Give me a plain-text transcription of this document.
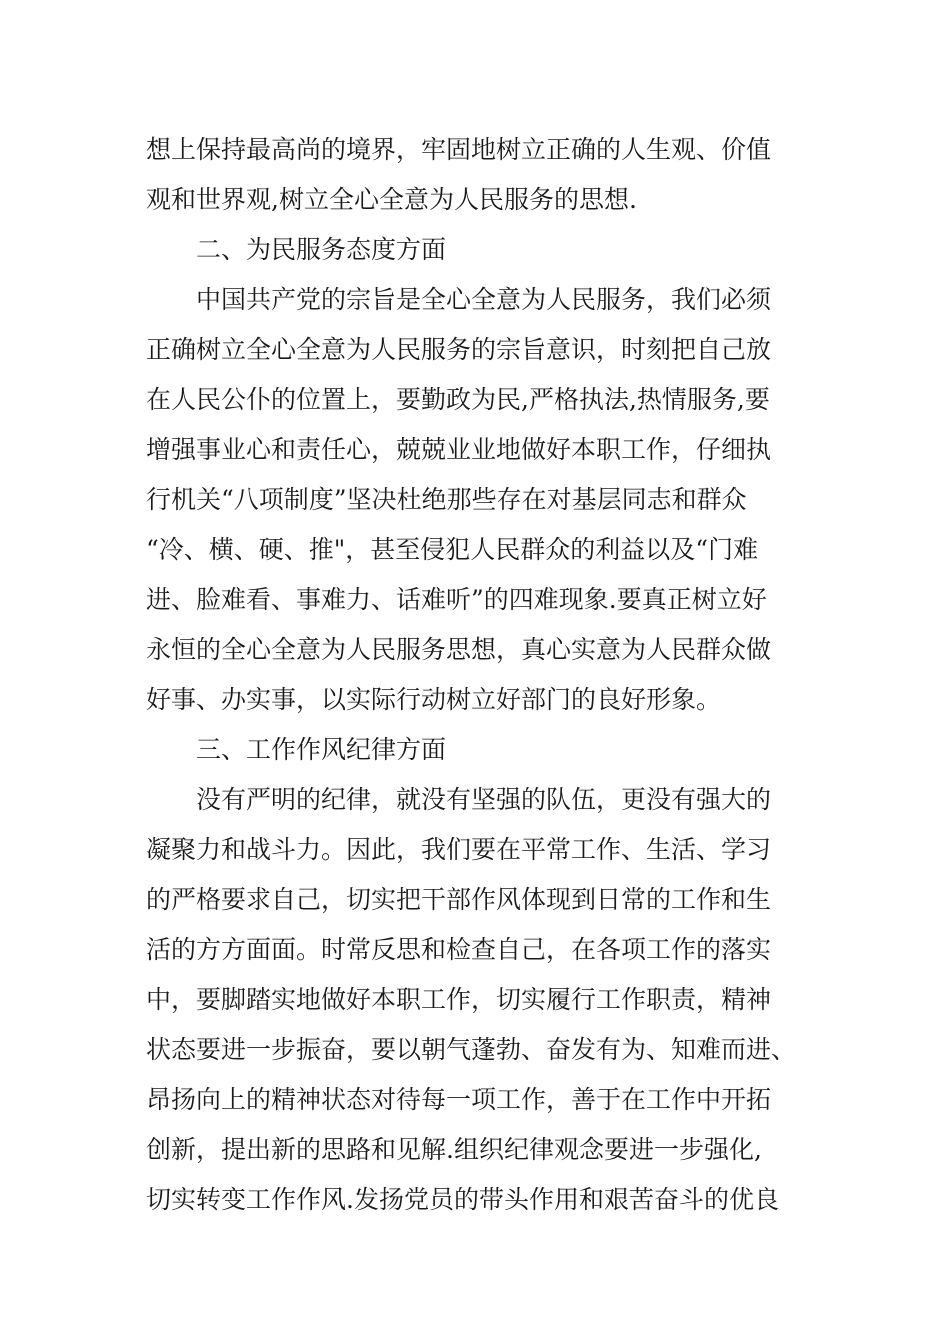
想上保持最高尚的境界，牢固地树立正确的人生观、价值
观和世界观,树立全心全意为人民服务的思想.
二、为民服务态度方面
中国共产党的宗旨是全心全意为人民服务，我们必须
正确树立全心全意为人民服务的宗旨意识，时刻把自己放
在人民公仆的位置上，要勤政为民,严格执法,热情服务,要
增强事业心和责任心，兢兢业业地做好本职工作，仔细执
行机关“八项制度”坚决杜绝那些存在对基层同志和群众
“冷、横、硬、推"，甚至侵犯人民群众的利益以及“门难
进、脸难看、事难力、话难听”的四难现象.要真正树立好
永恒的全心全意为人民服务思想，真心实意为人民群众做
好事、办实事，以实际行动树立好部门的良好形象。
三、工作作风纪律方面
没有严明的纪律，就没有坚强的队伍，更没有强大的
凝聚力和战斗力。因此，我们要在平常工作、生活、学习
的严格要求自己，切实把干部作风体现到日常的工作和生
活的方方面面。时常反思和检查自己，在各项工作的落实
中，要脚踏实地做好本职工作，切实履行工作职责，精神
状态要进一步振奋，要以朝气蓬勃、奋发有为、知难而进、
昂扬向上的精神状态对待每一项工作，善于在工作中开拓
创新，提出新的思路和见解.组织纪律观念要进一步强化,
切实转变工作作风.发扬党员的带头作用和艰苦奋斗的优良
